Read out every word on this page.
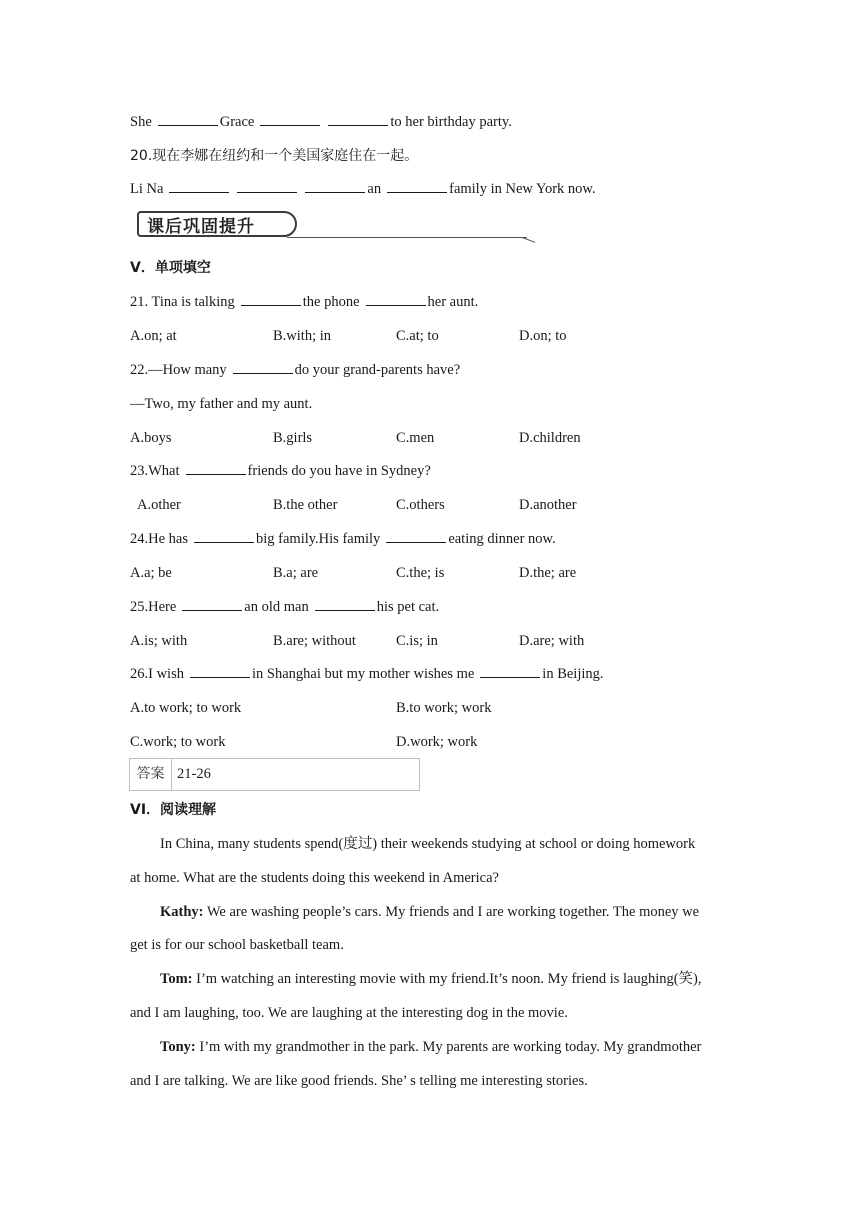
She	Grace	to her birthday party.
20.现在李娜在纽约和一个美国家庭住在一起。
Li Na	an	family in New York now.
课后巩固提升
V．单项填空
21. Tina is talking	the phone	her aunt.
A.on; at	B.with; in	C.at; to	D.on; to
22.—How many	do your grand-parents have?
—Two, my father and my aunt.
A.boys	B.girls	C.men	D.children
23.What	friends do you have in Sydney?
A.other	B.the other	C.others	D.another
24.He has	big family.His family	eating dinner now.
A.a; be	B.a; are	C.the; is	D.the; are
25.Here	an old man	his pet cat.
A.is; with	B.are; without	C.is; in	D.are; with
26.I wish	in Shanghai but my mother wishes me	in Beijing.
A.to work; to work	B.to work; work
C.work; to work	D.work; work
答案 21-26
VI．阅读理解
In China, many students spend(度过) their weekends studying at school or doing homework
at home. What are the students doing this weekend in America?
Kathy: We are washing people’s cars. My friends and I are working together. The money we
get is for our school basketball team.
Tom: I’m watching an interesting movie with my friend.It’s noon. My friend is laughing(笑),
and I am laughing, too. We are laughing at the interesting dog in the movie.
Tony: I’m with my grandmother in the park. My parents are working today. My grandmother
and I are talking. We are like good friends. She’ s telling me interesting stories.
